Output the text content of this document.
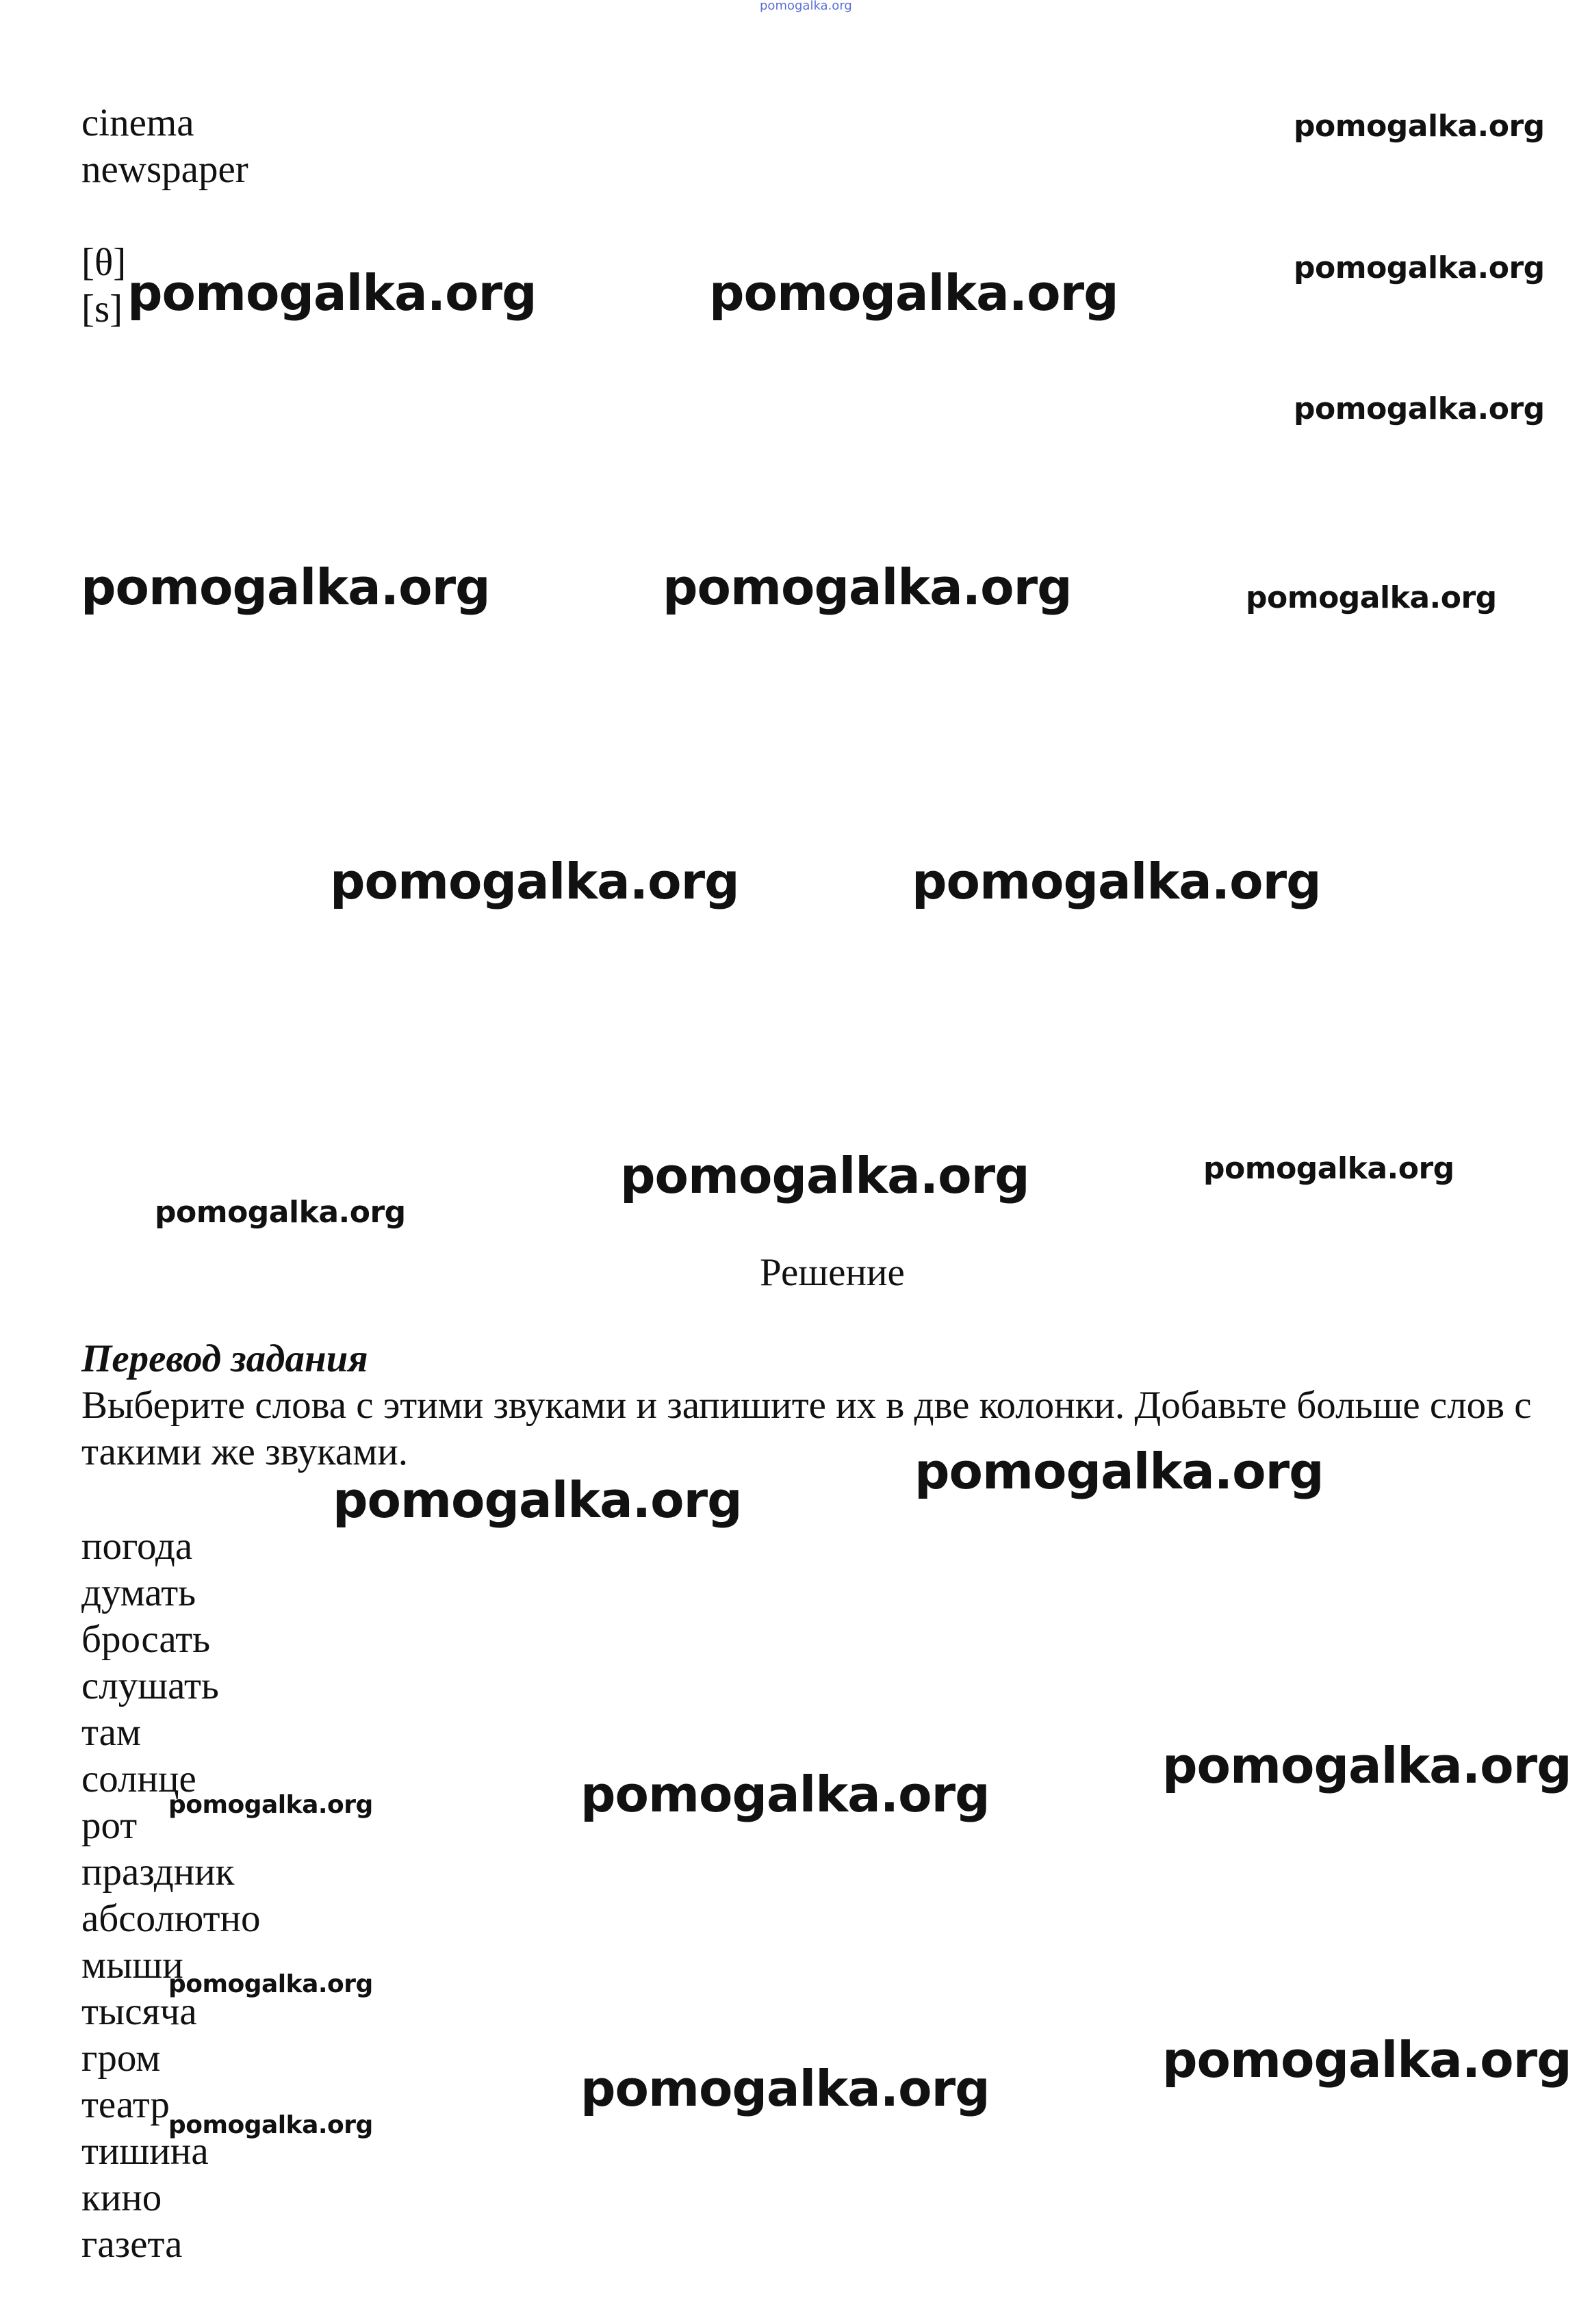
pomogalka.org

cinema

newspaper

[θ]

[s]

pomogalka.org
pomogalka.org
pomogalka.org
pomogalka.org	pomogalka.org
pomogalka.org	pomogalka.org	pomogalka.org
pomogalka.org	pomogalka.org
pomogalka.org	pomogalka.org
pomogalka.org

Решение

Перевод задания

Выберите слова с этими звуками и запишите их в две колонки. Добавьте больше слов с такими же звуками.

pomogalka.org	pomogalka.org
погода
думать
бросать
слушать
там
солнце
рот
праздник
абсолютно
мыши
тысяча
гром
театр
тишина
кино
газета
pomogalka.org
pomogalka.org
pomogalka.org
pomogalka.org	pomogalka.org
pomogalka.org	pomogalka.org
